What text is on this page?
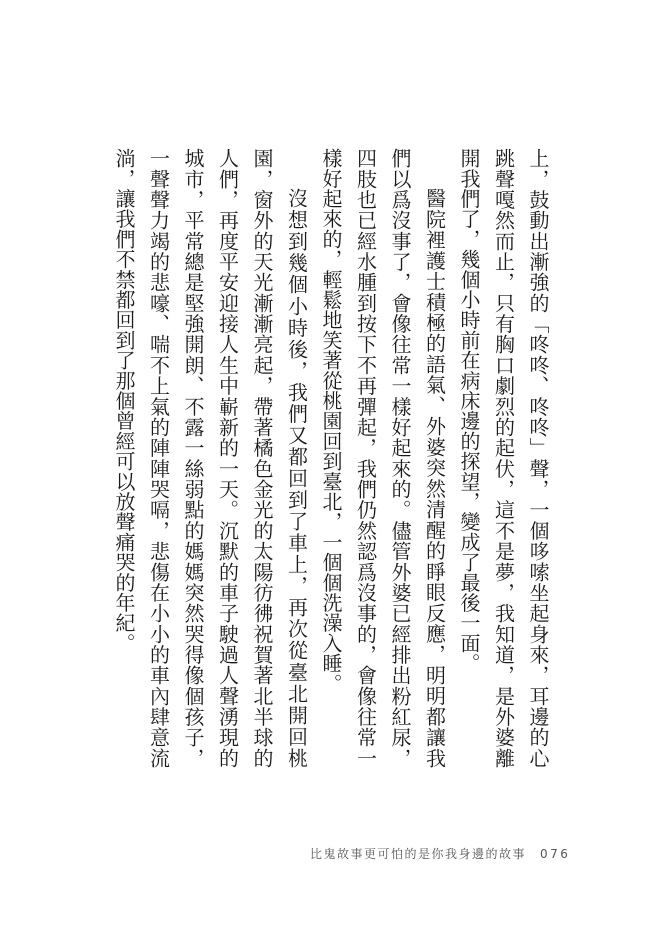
上，鼓動出漸強的「咚咚、咚咚」聲，一個哆嗦坐起身來，耳邊的心跳聲嘎然而止，只有胸口劇烈的起伏，這不是夢，我知道，是外婆離開我們了，幾個小時前在病床邊的探望，變成了最後一面。

醫院裡護士積極的語氣、外婆突然清醒的睜眼反應，明明都讓我們以爲沒事了，會像往常一樣好起來的。儘管外婆已經排出粉紅尿，四肢也已經水腫到按下不再彈起，我們仍然認爲沒事的，會像往常一樣好起來的，輕鬆地笑著從桃園回到臺北，一個個洗澡入睡。

沒想到幾個小時後，我們又都回到了車上，再次從臺北開回桃園，窗外的天光漸漸亮起，帶著橘色金光的太陽彷彿祝賀著北半球的人們，再度平安迎接人生中嶄新的一天。沉默的車子駛過人聲湧現的城市，平常總是堅強開朗、不露一絲弱點的媽媽突然哭得像個孩子，一聲聲力竭的悲嚎、喘不上氣的陣陣哭嗝，悲傷在小小的車內肆意流淌，讓我們不禁都回到了那個曾經可以放聲痛哭的年紀。

比鬼故事更可怕的是你我身邊的故事 076
